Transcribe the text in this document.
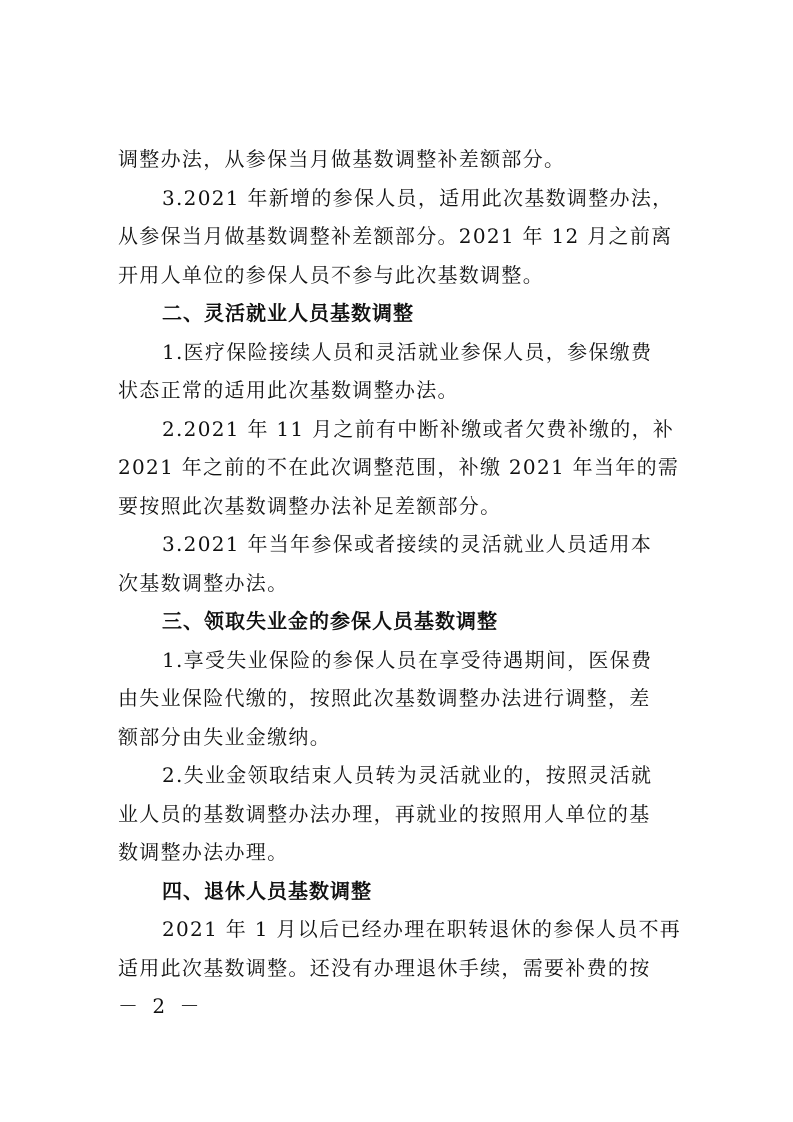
调整办法，从参保当月做基数调整补差额部分。
3.2021 年新增的参保人员，适用此次基数调整办法，
从参保当月做基数调整补差额部分。2021 年 12 月之前离
开用人单位的参保人员不参与此次基数调整。
二、灵活就业人员基数调整
1.医疗保险接续人员和灵活就业参保人员，参保缴费
状态正常的适用此次基数调整办法。
2.2021 年 11 月之前有中断补缴或者欠费补缴的，补
2021 年之前的不在此次调整范围，补缴 2021 年当年的需
要按照此次基数调整办法补足差额部分。
3.2021 年当年参保或者接续的灵活就业人员适用本
次基数调整办法。
三、领取失业金的参保人员基数调整
1.享受失业保险的参保人员在享受待遇期间，医保费
由失业保险代缴的，按照此次基数调整办法进行调整，差
额部分由失业金缴纳。
2.失业金领取结束人员转为灵活就业的，按照灵活就
业人员的基数调整办法办理，再就业的按照用人单位的基
数调整办法办理。
四、退休人员基数调整
2021 年 1 月以后已经办理在职转退休的参保人员不再
适用此次基数调整。还没有办理退休手续，需要补费的按
－ 2 －
